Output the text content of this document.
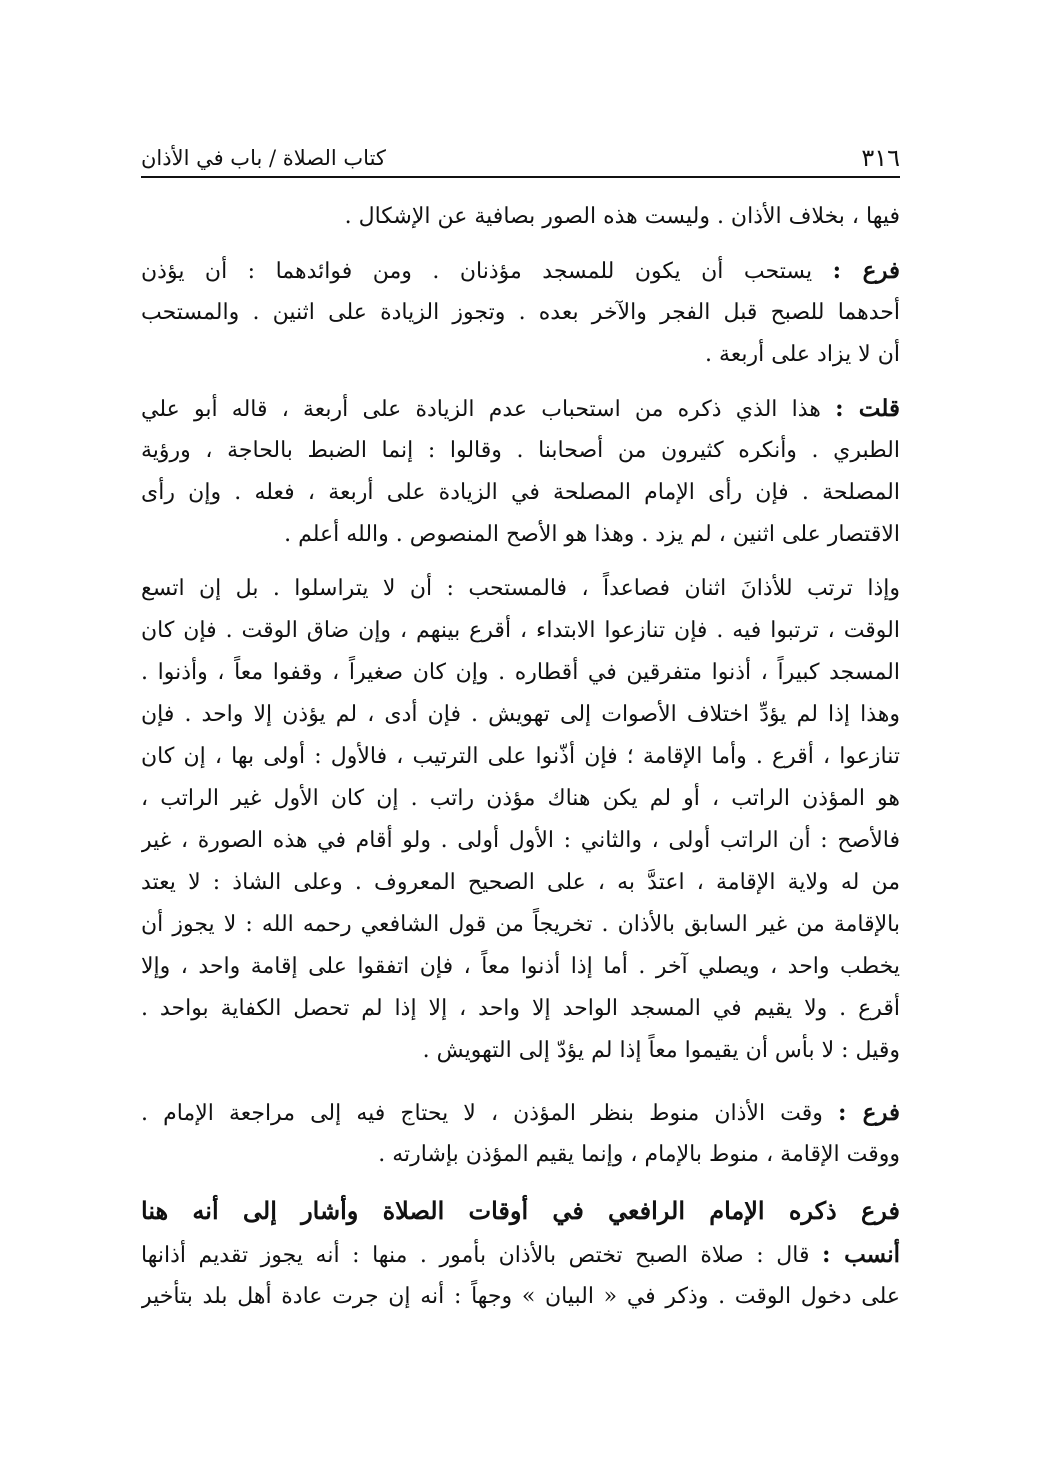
٣١٦
كتاب الصلاة / باب في الأذان
فيها ، بخلاف الأذان . وليست هذه الصور بصافية عن الإشكال .
فرع : يستحب أن يكون للمسجد مؤذنان . ومن فوائدهما : أن يؤذن
أحدهما للصبح قبل الفجر والآخر بعده . وتجوز الزيادة على اثنين . والمستحب
أن لا يزاد على أربعة .
قلت : هذا الذي ذكره من استحباب عدم الزيادة على أربعة ، قاله أبو علي
الطبري . وأنكره كثيرون من أصحابنا . وقالوا : إنما الضبط بالحاجة ، ورؤية
المصلحة . فإن رأى الإمام المصلحة في الزيادة على أربعة ، فعله . وإن رأى
الاقتصار على اثنين ، لم يزد . وهذا هو الأصح المنصوص . والله أعلم .
وإذا ترتب للأذانَ اثنان فصاعداً ، فالمستحب : أن لا يتراسلوا . بل إن اتسع
الوقت ، ترتبوا فيه . فإن تنازعوا الابتداء ، أقرع بينهم ، وإن ضاق الوقت . فإن كان
المسجد كبيراً ، أذنوا متفرقين في أقطاره . وإن كان صغيراً ، وقفوا معاً ، وأذنوا .
وهذا إذا لم يؤدِّ اختلاف الأصوات إلى تهويش . فإن أدى ، لم يؤذن إلا واحد . فإن
تنازعوا ، أقرع . وأما الإقامة ؛ فإن أذّنوا على الترتيب ، فالأول : أولى بها ، إن كان
هو المؤذن الراتب ، أو لم يكن هناك مؤذن راتب . إن كان الأول غير الراتب ،
فالأصح : أن الراتب أولى ، والثاني : الأول أولى . ولو أقام في هذه الصورة ، غير
من له ولاية الإقامة ، اعتدَّ به ، على الصحيح المعروف . وعلى الشاذ : لا يعتد
بالإقامة من غير السابق بالأذان . تخريجاً من قول الشافعي رحمه الله : لا يجوز أن
يخطب واحد ، ويصلي آخر . أما إذا أذنوا معاً ، فإن اتفقوا على إقامة واحد ، وإلا
أقرع . ولا يقيم في المسجد الواحد إلا واحد ، إلا إذا لم تحصل الكفاية بواحد .
وقيل : لا بأس أن يقيموا معاً إذا لم يؤدّ إلى التهويش .
فرع : وقت الأذان منوط بنظر المؤذن ، لا يحتاج فيه إلى مراجعة الإمام .
ووقت الإقامة ، منوط بالإمام ، وإنما يقيم المؤذن بإشارته .
فرع ذكره الإمام الرافعي في أوقات الصلاة وأشار إلى أنه هنا
أنسب : قال : صلاة الصبح تختص بالأذان بأمور . منها : أنه يجوز تقديم أذانها
على دخول الوقت . وذكر في « البيان » وجهاً : أنه إن جرت عادة أهل بلد بتأخير
